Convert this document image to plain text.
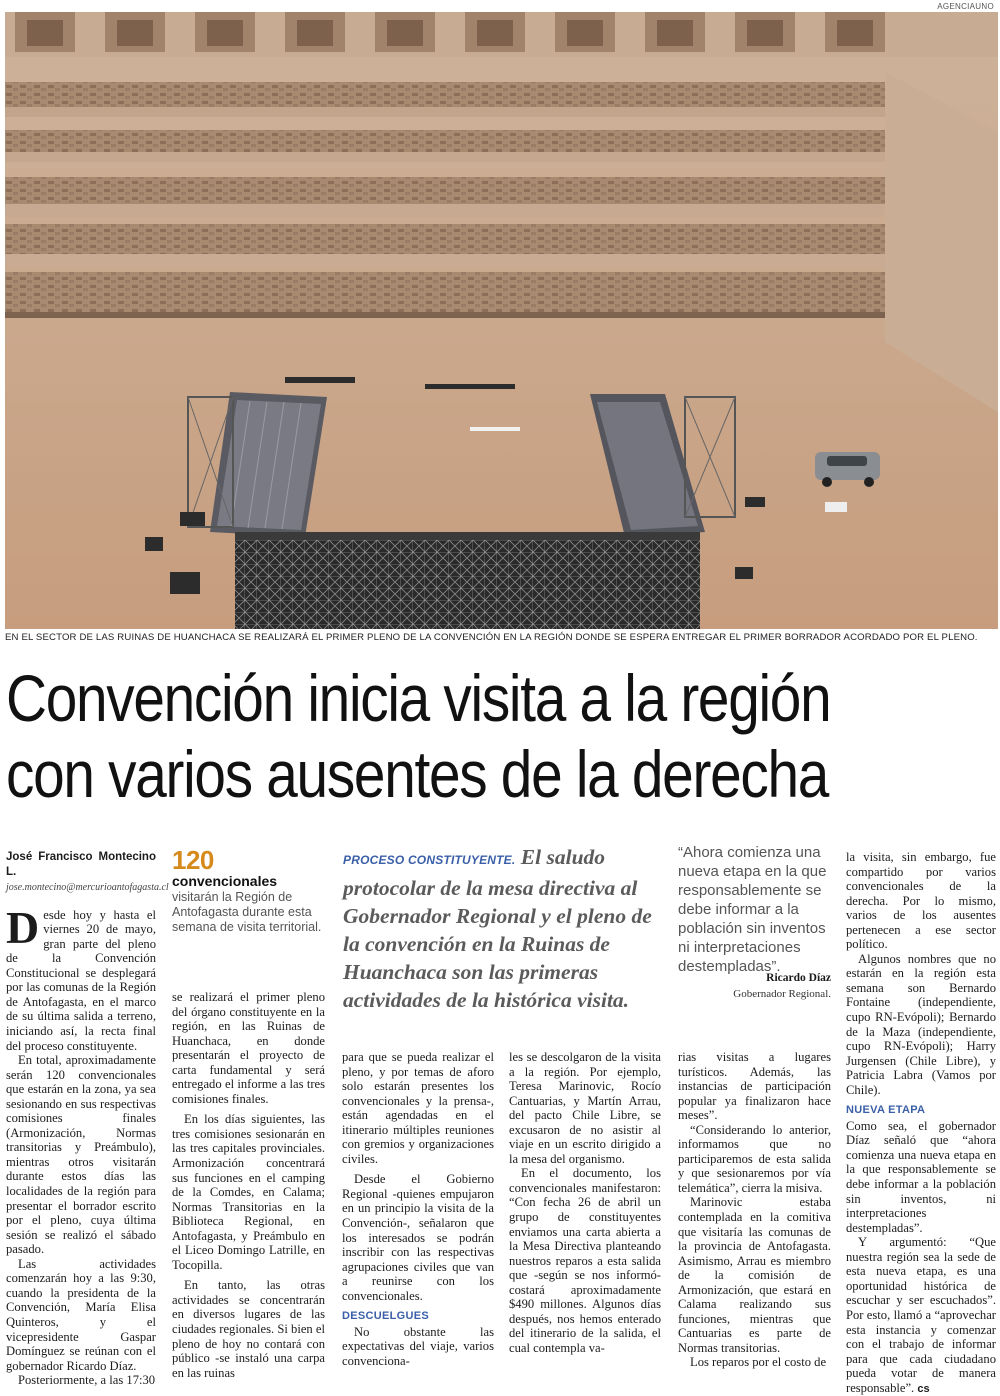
AGENCIAUNO
EN EL SECTOR DE LAS RUINAS DE HUANCHACA SE REALIZARÁ EL PRIMER PLENO DE LA CONVENCIÓN EN LA REGIÓN DONDE SE ESPERA ENTREGAR EL PRIMER BORRADOR ACORDADO POR EL PLENO.
Convención inicia visita a la región
con varios ausentes de la derecha
José Francisco Montecino L.
jose.montecino@mercurioantofagasta.cl

Desde hoy y hasta el viernes 20 de mayo, gran parte del pleno de la Convención Constitucional se desplegará por las comunas de la Región de Antofagasta, en el marco de su última salida a terreno, iniciando así, la recta final del proceso constituyente.

En total, aproximadamente serán 120 convencionales que estarán en la zona, ya sea sesionando en sus respectivas comisiones finales (Armonización, Normas transitorias y Preámbulo), mientras otros visitarán durante estos días las localidades de la región para presentar el borrador escrito por el pleno, cuya última sesión se realizó el sábado pasado.

Las actividades comenzarán hoy a las 9:30, cuando la presidenta de la Convención, María Elisa Quinteros, y el vicepresidente Gaspar Domínguez se reúnan con el gobernador Ricardo Díaz.

Posteriormente, a las 17:30

120
convencionales visitarán la Región de Antofagasta durante esta semana de visita territorial.

se realizará el primer pleno del órgano constituyente en la región, en las Ruinas de Huanchaca, en donde presentarán el proyecto de carta fundamental y será entregado el informe a las tres comisiones finales.

En los días siguientes, las tres comisiones sesionarán en las tres capitales provinciales. Armonización concentrará sus funciones en el camping de la Comdes, en Calama; Normas Transitorias en la Biblioteca Regional, en Antofagasta, y Preámbulo en el Liceo Domingo Latrille, en Tocopilla.

En tanto, las otras actividades se concentrarán en diversos lugares de las ciudades regionales. Si bien el pleno de hoy no contará con público -se instaló una carpa en las ruinas

PROCESO CONSTITUYENTE. El saludo protocolar de la mesa directiva al Gobernador Regional y el pleno de la convención en la Ruinas de Huanchaca son las primeras actividades de la histórica visita.

para que se pueda realizar el pleno, y por temas de aforo solo estarán presentes los convencionales y la prensa-, están agendadas en el itinerario múltiples reuniones con gremios y organizaciones civiles.

Desde el Gobierno Regional -quienes empujaron en un principio la visita de la Convención-, señalaron que los interesados se podrán inscribir con las respectivas agrupaciones civiles que van a reunirse con los convencionales.

DESCUELGUES

No obstante las expectativas del viaje, varios convenciona-

les se descolgaron de la visita a la región. Por ejemplo, Teresa Marinovic, Rocío Cantuarias, y Martín Arrau, del pacto Chile Libre, se excusaron de no asistir al viaje en un escrito dirigido a la mesa del organismo.

En el documento, los convencionales manifestaron: “Con fecha 26 de abril un grupo de constituyentes enviamos una carta abierta a la Mesa Directiva planteando nuestros reparos a esta salida que -según se nos informó- costará aproximadamente $490 millones. Algunos días después, nos hemos enterado del itinerario de la salida, el cual contempla va-

“Ahora comienza una nueva etapa en la que responsablemente se debe informar a la población sin inventos ni interpretaciones destempladas”.
Ricardo Díaz
Gobernador Regional.

rias visitas a lugares turísticos. Además, las instancias de participación popular ya finalizaron hace meses”.

“Considerando lo anterior, informamos que no participaremos de esta salida y que sesionaremos por vía telemática”, cierra la misiva.

Marinovic estaba contemplada en la comitiva que visitaría las comunas de la provincia de Antofagasta. Asimismo, Arrau es miembro de la comisión de Armonización, que estará en Calama realizando sus funciones, mientras que Cantuarias es parte de Normas transitorias.

Los reparos por el costo de

la visita, sin embargo, fue compartido por varios convencionales de la derecha. Por lo mismo, varios de los ausentes pertenecen a ese sector político.

Algunos nombres que no estarán en la región esta semana son Bernardo Fontaine (independiente, cupo RN-Evópoli); Bernardo de la Maza (independiente, cupo RN-Evópoli); Harry Jurgensen (Chile Libre), y Patricia Labra (Vamos por Chile).

NUEVA ETAPA

Como sea, el gobernador Díaz señaló que “ahora comienza una nueva etapa en la que responsablemente se debe informar a la población sin inventos, ni interpretaciones destempladas”.

Y argumentó: “Que nuestra región sea la sede de esta nueva etapa, es una oportunidad histórica de escuchar y ser escuchados”. Por esto, llamó a “aprovechar esta instancia y comenzar con el trabajo de informar para que cada ciudadano pueda votar de manera responsable”. cs
